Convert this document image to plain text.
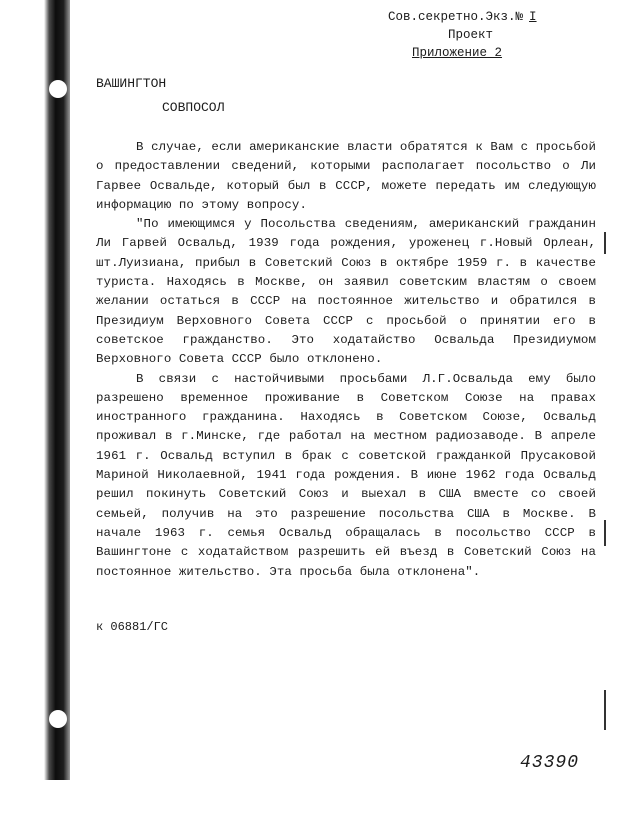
Сов.секретно.Экз.№ I
Проект
Приложение 2
ВАШИНГТОН
СОВПОСОЛ

В случае, если американские власти обратятся к Вам с просьбой о предоставлении сведений, которыми располагает посольство о Ли Гарвее Освальде, который был в СССР, можете передать им следующую информацию по этому вопросу.

"По имеющимся у Посольства сведениям, американский гражданин Ли Гарвей Освальд, 1939 года рождения, уроженец г.Новый Орлеан, шт.Луизиана, прибыл в Советский Союз в октябре 1959 г. в качестве туриста. Находясь в Москве, он заявил советским властям о своем желании остаться в СССР на постоянное жительство и обратился в Президиум Верховного Совета СССР с просьбой о принятии его в советское гражданство. Это ходатайство Освальда Президиумом Верховного Совета СССР было отклонено.

В связи с настойчивыми просьбами Л.Г.Освальда ему было разрешено временное проживание в Советском Союзе на правах иностранного гражданина. Находясь в Советском Союзе, Освальд проживал в г.Минске, где работал на местном радиозаводе. В апреле 1961 г. Освальд вступил в брак с советской гражданкой Прусаковой Мариной Николаевной, 1941 года рождения. В июне 1962 года Освальд решил покинуть Советский Союз и выехал в США вместе со своей семьей, получив на это разрешение посольства США в Москве. В начале 1963 г. семья Освальд обращалась в посольство СССР в Вашингтоне с ходатайством разрешить ей въезд в Советский Союз на постоянное жительство. Эта просьба была отклонена".

к 06881/ГС
43390
